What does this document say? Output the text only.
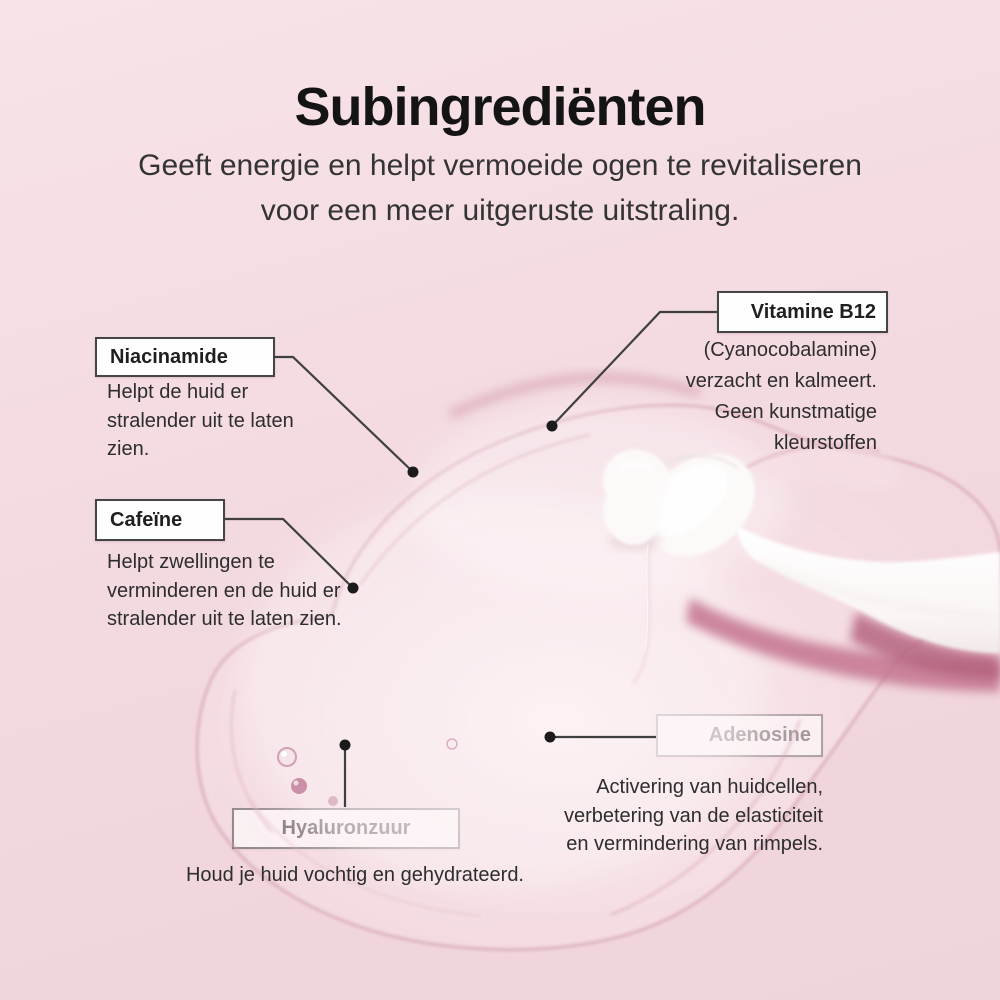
Subingrediënten
Geeft energie en helpt vermoeide ogen te revitaliseren
voor een meer uitgeruste uitstraling.
Niacinamide
Helpt de huid er
stralender uit te laten
zien.
Cafeïne
Helpt zwellingen te
verminderen en de huid er
stralender uit te laten zien.
Vitamine B12
(Cyanocobalamine)
verzacht en kalmeert.
Geen kunstmatige
kleurstoffen
Activering van huidcellen,
verbetering van de elasticiteit
en vermindering van rimpels.
Houd je huid vochtig en gehydrateerd.
